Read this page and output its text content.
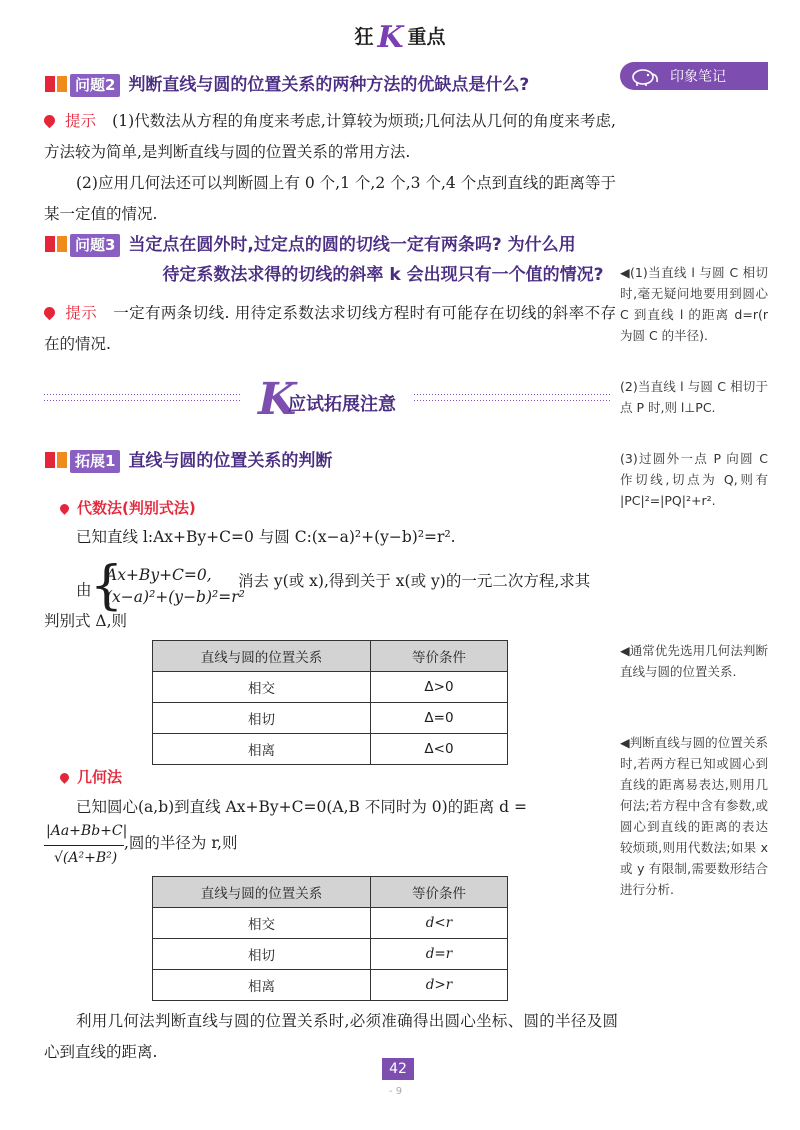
狂 K 重点
印象笔记
问题2 判断直线与圆的位置关系的两种方法的优缺点是什么?
提示 (1)代数法从方程的角度来考虑,计算较为烦琐;几何法从几何的角度来考虑,方法较为简单,是判断直线与圆的位置关系的常用方法.
(2)应用几何法还可以判断圆上有 0 个,1 个,2 个,3 个,4 个点到直线的距离等于某一定值的情况.
问题3 当定点在圆外时,过定点的圆的切线一定有两条吗? 为什么用
待定系数法求得的切线的斜率 k 会出现只有一个值的情况?
提示 一定有两条切线. 用待定系数法求切线方程时有可能存在切线的斜率不存在的情况.
K
应试拓展注意
拓展1 直线与圆的位置关系的判断
代数法(判别式法)
已知直线 l:Ax+By+C=0 与圆 C:(x−a)²+(y−b)²=r².
由
{
Ax+By+C=0,
(x−a)²+(y−b)²=r²
消去 y(或 x),得到关于 x(或 y)的一元二次方程,求其
判别式 Δ,则
直线与圆的位置关系	等价条件
相交	Δ>0
相切	Δ=0
相离	Δ<0
几何法
已知圆心(a,b)到直线 Ax+By+C=0(A,B 不同时为 0)的距离 d =
|Aa+Bb+C|
√(A²+B²)
,圆的半径为 r,则
直线与圆的位置关系	等价条件
相交	d<r
相切	d=r
相离	d>r
利用几何法判断直线与圆的位置关系时,必须准确得出圆心坐标、圆的半径及圆心到直线的距离.
◀(1)当直线 l 与圆 C 相切时,毫无疑问地要用到圆心 C 到直线 l 的距离 d=r(r 为圆 C 的半径).
(2)当直线 l 与圆 C 相切于点 P 时,则 l⊥PC.
(3)过圆外一点 P 向圆 C 作切线,切点为 Q,则有 |PC|²=|PQ|²+r².
◀通常优先选用几何法判断直线与圆的位置关系.
◀判断直线与圆的位置关系时,若两方程已知或圆心到直线的距离易表达,则用几何法;若方程中含有参数,或圆心到直线的距离的表达较烦琐,则用代数法;如果 x 或 y 有限制,需要数形结合进行分析.
42
- 9
